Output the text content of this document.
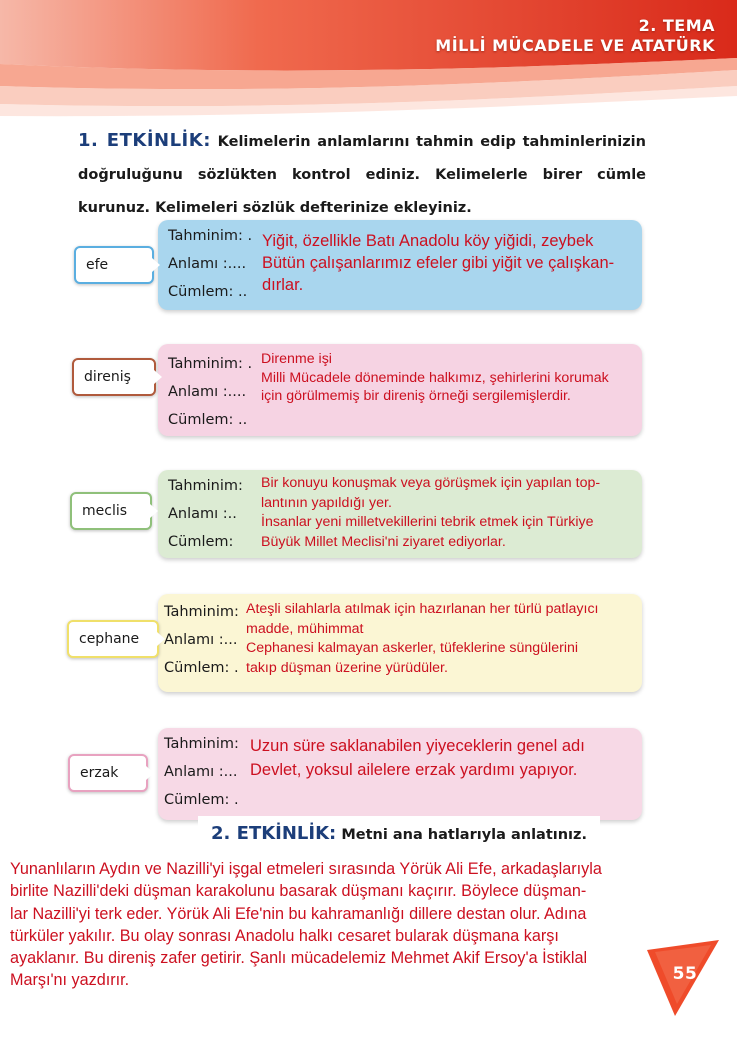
2. TEMA
MİLLİ MÜCADELE VE ATATÜRK
1. ETKİNLİK: Kelimelerin anlamlarını tahmin edip tahminlerinizin doğruluğunu sözlükten kontrol ediniz. Kelimelerle birer cümle kurunuz. Kelimeleri sözlük defterinize ekleyiniz.
Tahminim: .
Anlamı :....
Cümlem: ..
Yiğit, özellikle Batı Anadolu köy yiğidi, zeybek
Bütün çalışanlarımız efeler gibi yiğit ve çalışkan-
dırlar.
efe
Tahminim: .
Anlamı :....
Cümlem: ..
Direnme işi
Milli Mücadele döneminde halkımız, şehirlerini korumak
için görülmemiş bir direniş örneği sergilemişlerdir.
direniş
Tahminim:
Anlamı :..
Cümlem:
Bir konuyu konuşmak veya görüşmek için yapılan top-
lantının yapıldığı yer.
İnsanlar yeni milletvekillerini tebrik etmek için Türkiye
Büyük Millet Meclisi'ni ziyaret ediyorlar.
meclis
Tahminim:
Anlamı :...
Cümlem: .
Ateşli silahlarla atılmak için hazırlanan her türlü patlayıcı
madde, mühimmat
Cephanesi kalmayan askerler, tüfeklerine süngülerini
takıp düşman üzerine yürüdüler.
cephane
Tahminim:
Anlamı :...
Cümlem: .
Uzun süre saklanabilen yiyeceklerin genel adı
Devlet, yoksul ailelere erzak yardımı yapıyor.
erzak
2. ETKİNLİK: Metni ana hatlarıyla anlatınız.
Yunanlıların Aydın ve Nazilli'yi işgal etmeleri sırasında Yörük Ali Efe, arkadaşlarıyla
birlite Nazilli'deki düşman karakolunu basarak düşmanı kaçırır. Böylece düşman-
lar Nazilli'yi terk eder. Yörük Ali Efe'nin bu kahramanlığı dillere destan olur. Adına
türküler yakılır. Bu olay sonrası Anadolu halkı cesaret bularak düşmana karşı
ayaklanır. Bu direniş zafer getirir. Şanlı mücadelemiz Mehmet Akif Ersoy'a İstiklal
Marşı'nı yazdırır.	55
